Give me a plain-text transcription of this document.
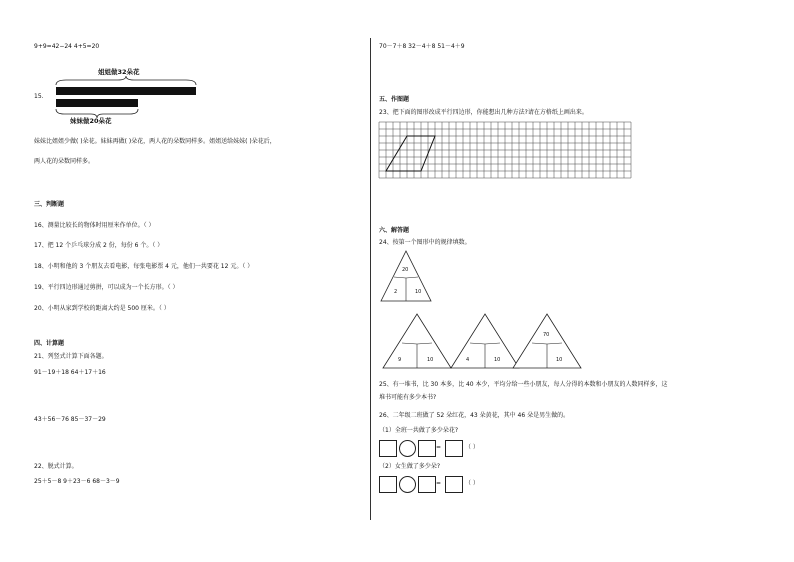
9+9=42−24 4+5=20
姐姐做32朵花
15.
妹妹做20朵花
妹妹比姐姐少做( )朵花。妹妹再做( )朵花，两人花的朵数同样多。姐姐送给妹妹( )朵花后，
两人花的朵数同样多。
三、判断题
16、测量比较长的物体时用厘米作单位。（ ）
17、把 12 个乒乓球分成 2 份，每份 6 个。（ ）
18、小明和他的 3 个朋友去看电影，每张电影票 4 元，他们一共要花 12 元。（ ）
19、平行四边形通过剪拼，可以成为一个长方形。（ ）
20、小明从家到学校的距离大约是 500 厘米。（ ）
四、计算题
21、列竖式计算下面各题。
91－19＋18 64＋17＋16
43＋56－76 85－37－29
22、脱式计算。
25＋5－8 9＋23－6 68－3－9
70－7＋8 32－4＋8 51－4＋9
五、作图题
23、把下面的图形改成平行四边形，你能想出几种方法?请在方格纸上画出来。
六、解答题
24、按第一个图形中的规律填数。
20
2	10
9	10	4	10
70
10
25、有一堆书，比 30 本多，比 40 本少，平均分给一些小朋友，每人分得的本数和小朋友的人数同样多，这
堆书可能有多少本书?
26、二年级二班做了 52 朵红花，43 朵黄花，其中 46 朵是男生做的。
（1）全班一共做了多少朵花?
=	（ ）
（2）女生做了多少朵?
=	（ ）
